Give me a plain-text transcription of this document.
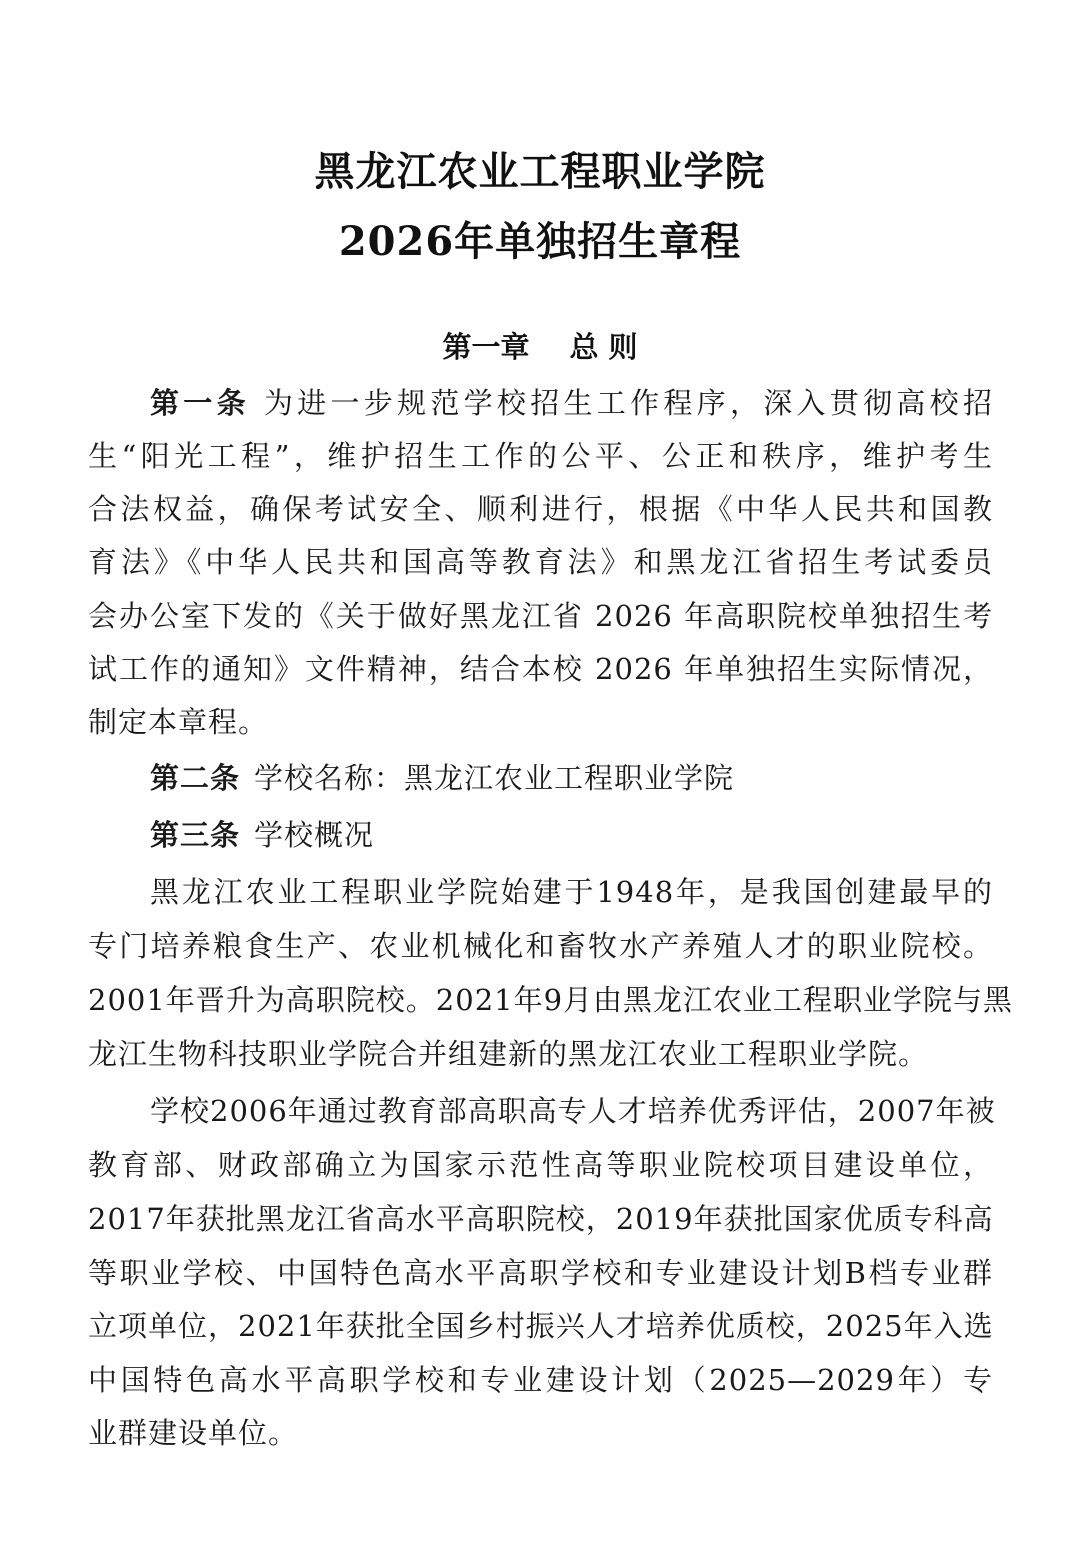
黑龙江农业工程职业学院
2026年单独招生章程
第一章 总 则
第一条 为进一步规范学校招生工作程序，深入贯彻高校招
生“阳光工程”，维护招生工作的公平、公正和秩序，维护考生
合法权益，确保考试安全、顺利进行，根据《中华人民共和国教
育法》《中华人民共和国高等教育法》和黑龙江省招生考试委员
会办公室下发的《关于做好黑龙江省 2026 年高职院校单独招生考
试工作的通知》文件精神，结合本校 2026 年单独招生实际情况，
制定本章程。
第二条 学校名称：黑龙江农业工程职业学院
第三条 学校概况
黑龙江农业工程职业学院始建于1948年，是我国创建最早的
专门培养粮食生产、农业机械化和畜牧水产养殖人才的职业院校。
2001年晋升为高职院校。2021年9月由黑龙江农业工程职业学院与黑
龙江生物科技职业学院合并组建新的黑龙江农业工程职业学院。
学校2006年通过教育部高职高专人才培养优秀评估，2007年被
教育部、财政部确立为国家示范性高等职业院校项目建设单位，
2017年获批黑龙江省高水平高职院校，2019年获批国家优质专科高
等职业学校、中国特色高水平高职学校和专业建设计划B档专业群
立项单位，2021年获批全国乡村振兴人才培养优质校，2025年入选
中国特色高水平高职学校和专业建设计划（2025—2029年）专
业群建设单位。
